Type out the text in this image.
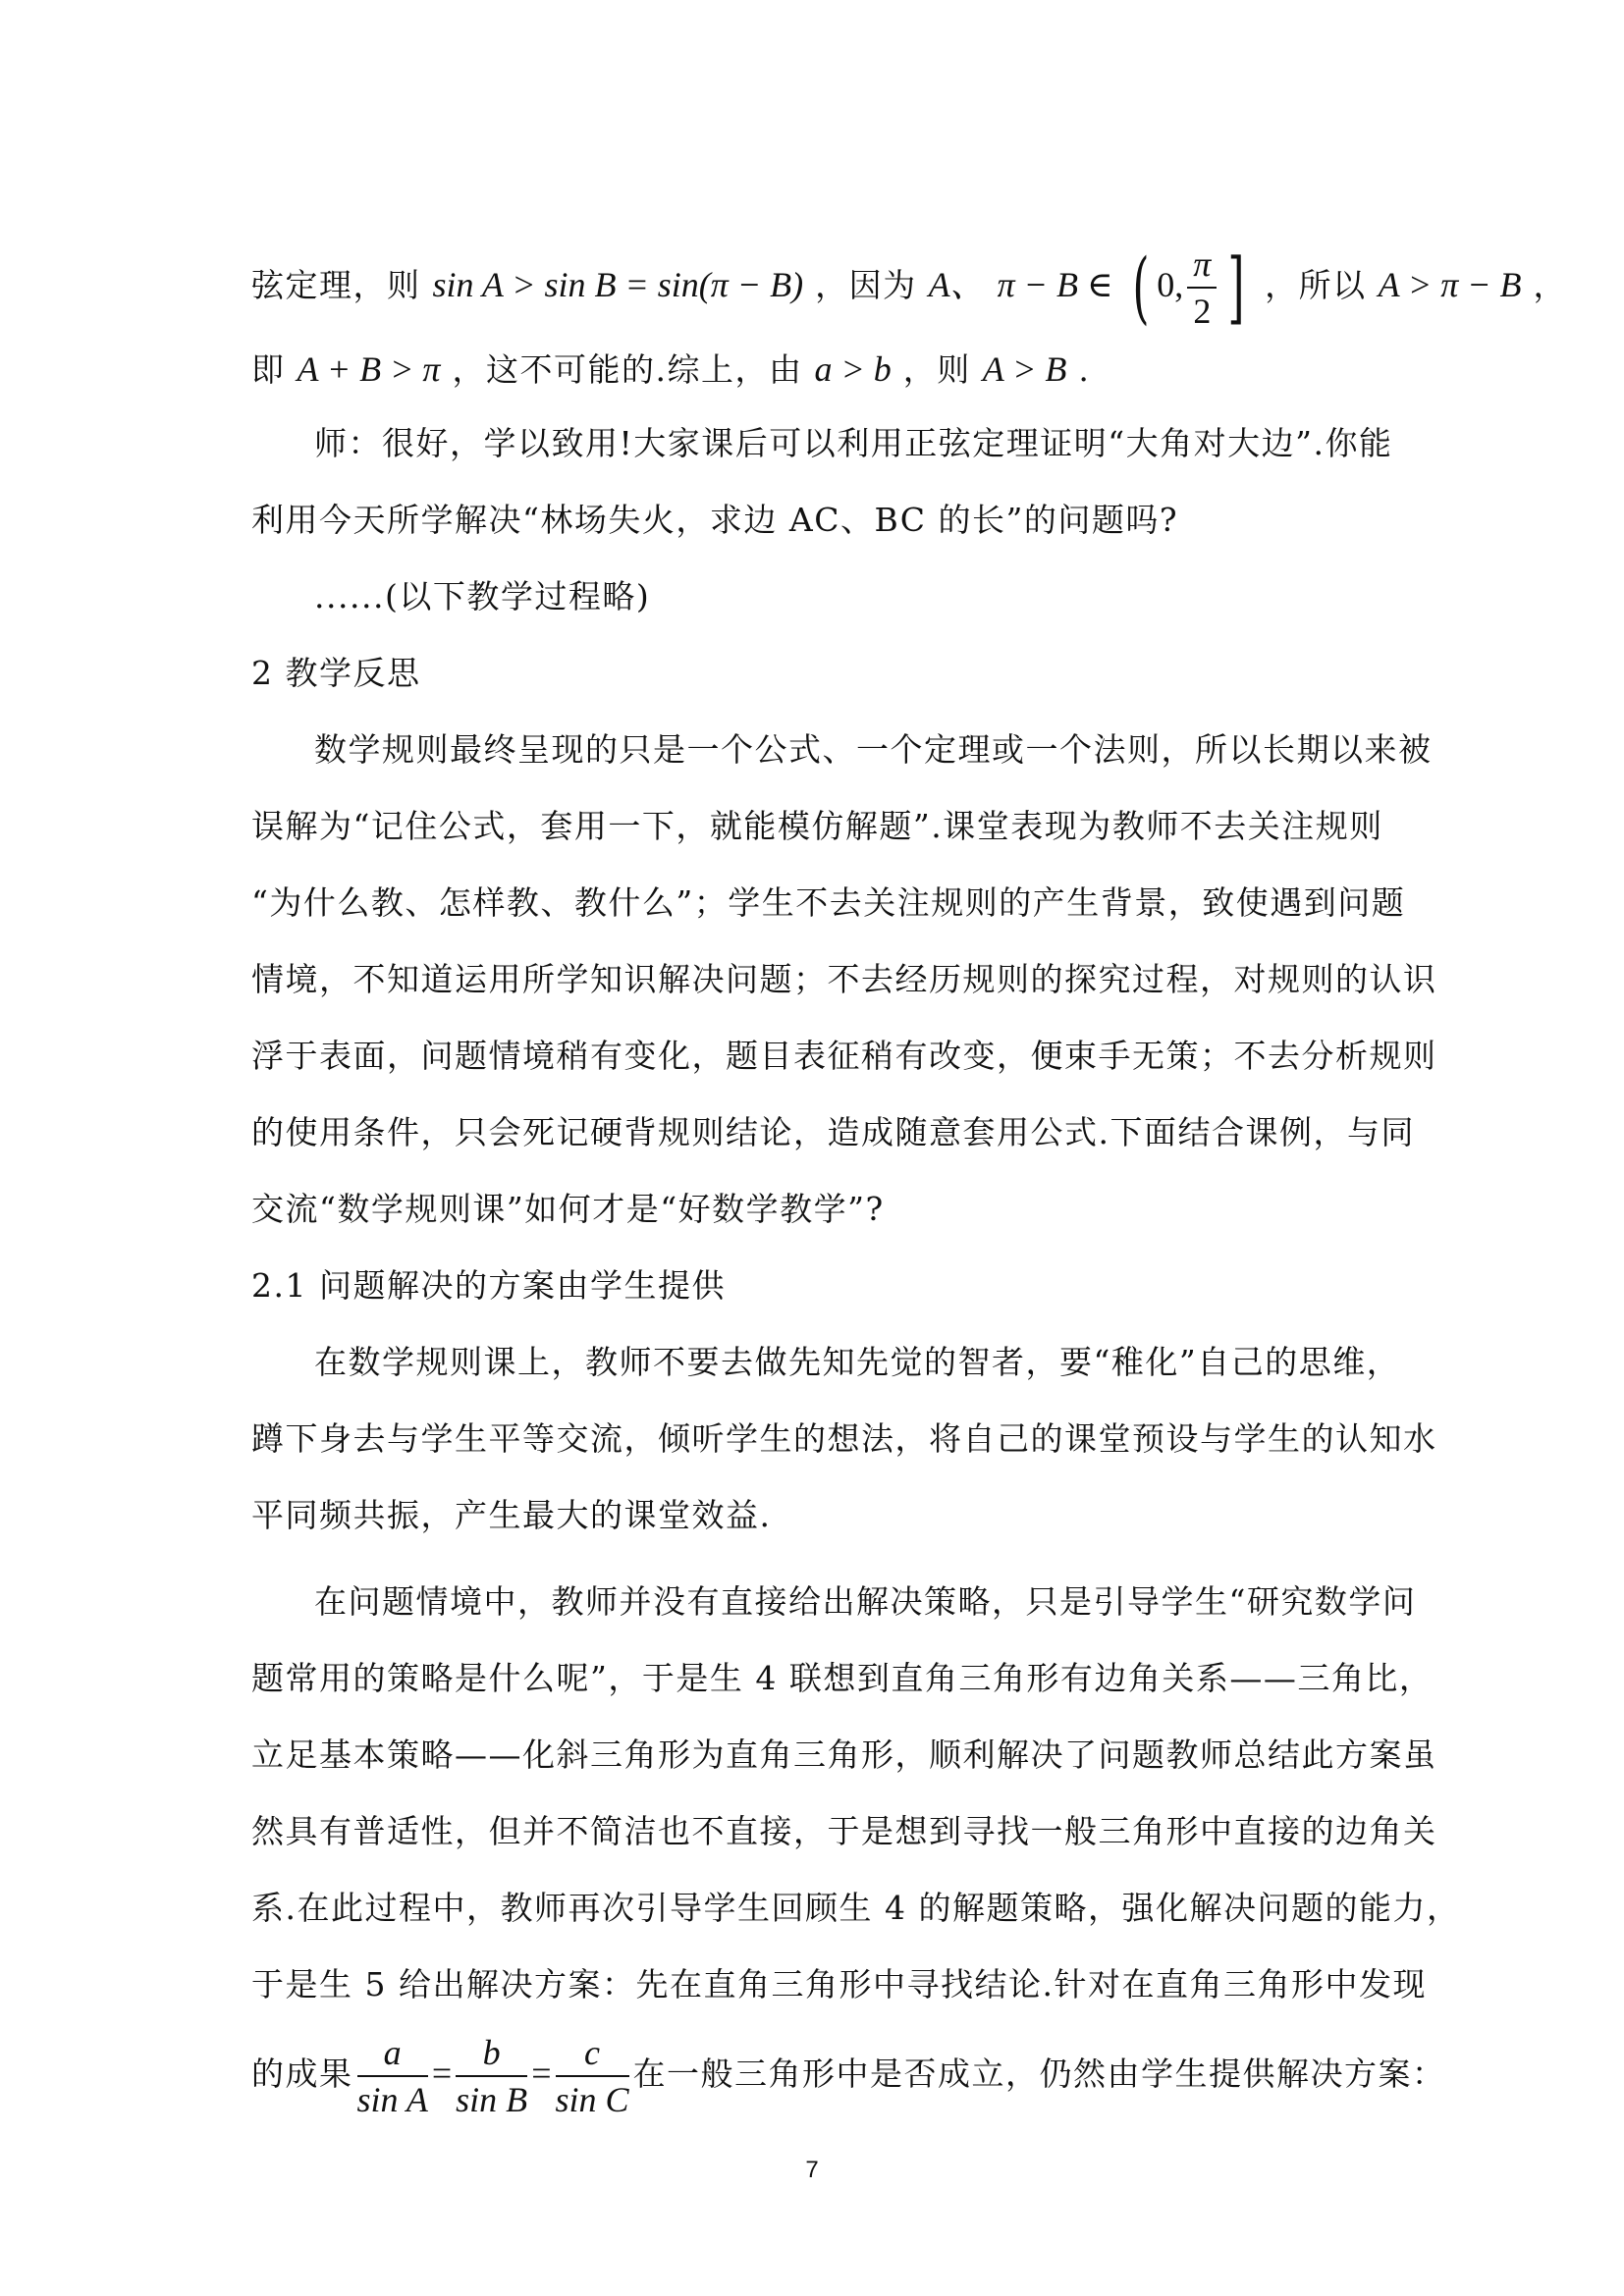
弦定理，则 sin A > sin B = sin(π − B) ，因为 A、 π − B ∈ ( 0, $\frac{\pi}{2}$ ] ，所以 A > π − B ，
即 A + B > π ，这不可能的.综上，由 a > b ，则 A > B .
师：很好，学以致用!大家课后可以利用正弦定理证明“大角对大边”.你能
利用今天所学解决“林场失火，求边 AC、BC 的长”的问题吗?
......(以下教学过程略)
2 教学反思
数学规则最终呈现的只是一个公式、一个定理或一个法则，所以长期以来被
误解为“记住公式，套用一下，就能模仿解题”.课堂表现为教师不去关注规则
“为什么教、怎样教、教什么”；学生不去关注规则的产生背景，致使遇到问题
情境，不知道运用所学知识解决问题；不去经历规则的探究过程，对规则的认识
浮于表面，问题情境稍有变化，题目表征稍有改变，便束手无策；不去分析规则
的使用条件，只会死记硬背规则结论，造成随意套用公式.下面结合课例，与同
交流“数学规则课”如何才是“好数学教学”?
2.1 问题解决的方案由学生提供
在数学规则课上，教师不要去做先知先觉的智者，要“稚化”自己的思维，
蹲下身去与学生平等交流，倾听学生的想法，将自己的课堂预设与学生的认知水
平同频共振，产生最大的课堂效益.
在问题情境中，教师并没有直接给出解决策略，只是引导学生“研究数学问
题常用的策略是什么呢”，于是生 4 联想到直角三角形有边角关系——三角比，
立足基本策略——化斜三角形为直角三角形，顺利解决了问题教师总结此方案虽
然具有普适性，但并不简洁也不直接，于是想到寻找一般三角形中直接的边角关
系.在此过程中，教师再次引导学生回顾生 4 的解题策略，强化解决问题的能力，
于是生 5 给出解决方案：先在直角三角形中寻找结论.针对在直角三角形中发现
的成果 $\frac{a}{\text{sin A}} = \frac{b}{\text{sin B}} = \frac{c}{\text{sin C}}$ 在一般三角形中是否成立，仍然由学生提供解决方案：
7
